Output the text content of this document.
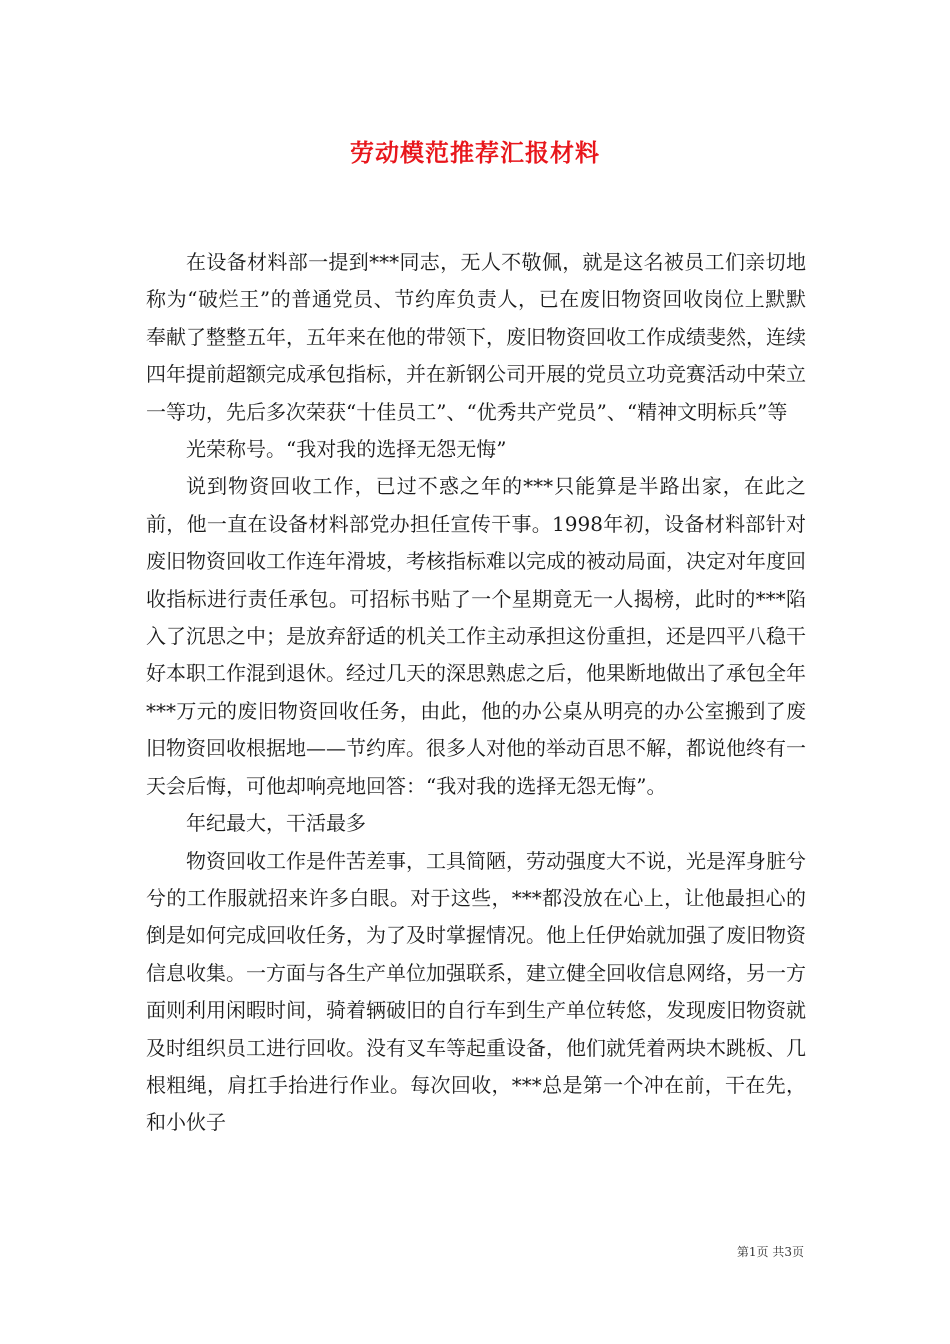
劳动模范推荐汇报材料

在设备材料部一提到***同志，无人不敬佩，就是这名被员工们亲切地称为“破烂王”的普通党员、节约库负责人，已在废旧物资回收岗位上默默奉献了整整五年，五年来在他的带领下，废旧物资回收工作成绩斐然，连续四年提前超额完成承包指标，并在新钢公司开展的党员立功竞赛活动中荣立一等功，先后多次荣获“十佳员工”、“优秀共产党员”、“精神文明标兵”等

光荣称号。“我对我的选择无怨无悔”

说到物资回收工作，已过不惑之年的***只能算是半路出家，在此之前，他一直在设备材料部党办担任宣传干事。1998年初，设备材料部针对废旧物资回收工作连年滑坡，考核指标难以完成的被动局面，决定对年度回收指标进行责任承包。可招标书贴了一个星期竟无一人揭榜，此时的***陷入了沉思之中；是放弃舒适的机关工作主动承担这份重担，还是四平八稳干好本职工作混到退休。经过几天的深思熟虑之后，他果断地做出了承包全年***万元的废旧物资回收任务，由此，他的办公桌从明亮的办公室搬到了废旧物资回收根据地——节约库。很多人对他的举动百思不解，都说他终有一天会后悔，可他却响亮地回答：“我对我的选择无怨无悔”。

年纪最大，干活最多

物资回收工作是件苦差事，工具简陋，劳动强度大不说，光是浑身脏兮兮的工作服就招来许多白眼。对于这些，***都没放在心上，让他最担心的倒是如何完成回收任务，为了及时掌握情况。他上任伊始就加强了废旧物资信息收集。一方面与各生产单位加强联系，建立健全回收信息网络，另一方面则利用闲暇时间，骑着辆破旧的自行车到生产单位转悠，发现废旧物资就及时组织员工进行回收。没有叉车等起重设备，他们就凭着两块木跳板、几根粗绳，肩扛手抬进行作业。每次回收，***总是第一个冲在前，干在先，和小伙子

第1页 共3页
